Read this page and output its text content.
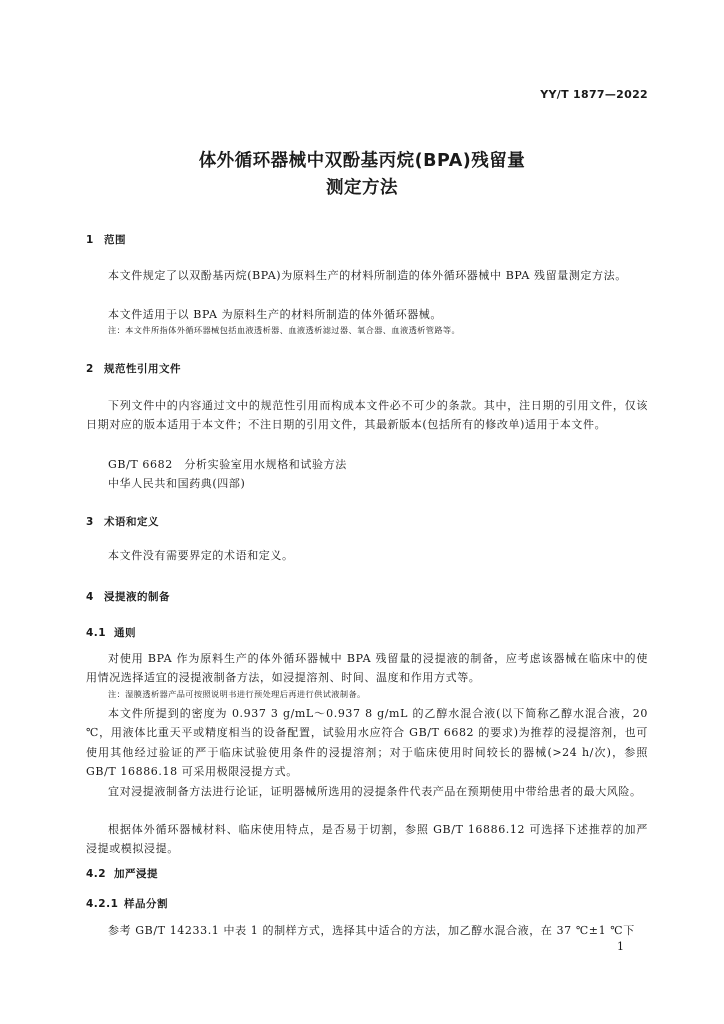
YY/T 1877—2022
体外循环器械中双酚基丙烷(BPA)残留量
测定方法
1 范围
本文件规定了以双酚基丙烷(BPA)为原料生产的材料所制造的体外循环器械中 BPA 残留量测定方法。
本文件适用于以 BPA 为原料生产的材料所制造的体外循环器械。
注：本文件所指体外循环器械包括血液透析器、血液透析滤过器、氧合器、血液透析管路等。
2 规范性引用文件
下列文件中的内容通过文中的规范性引用而构成本文件必不可少的条款。其中，注日期的引用文件，仅该日期对应的版本适用于本文件；不注日期的引用文件，其最新版本(包括所有的修改单)适用于本文件。
GB/T 6682　分析实验室用水规格和试验方法
中华人民共和国药典(四部)
3 术语和定义
本文件没有需要界定的术语和定义。
4 浸提液的制备
4.1 通则
对使用 BPA 作为原料生产的体外循环器械中 BPA 残留量的浸提液的制备，应考虑该器械在临床中的使用情况选择适宜的浸提液制备方法，如浸提溶剂、时间、温度和作用方式等。
注：湿膜透析器产品可按照说明书进行预处理后再进行供试液制备。
本文件所提到的密度为 0.937 3 g/mL～0.937 8 g/mL 的乙醇水混合液(以下简称乙醇水混合液，20 ℃，用液体比重天平或精度相当的设备配置，试验用水应符合 GB/T 6682 的要求)为推荐的浸提溶剂，也可使用其他经过验证的严于临床试验使用条件的浸提溶剂；对于临床使用时间较长的器械(>24 h/次)，参照 GB/T 16886.18 可采用极限浸提方式。
宜对浸提液制备方法进行论证，证明器械所选用的浸提条件代表产品在预期使用中带给患者的最大风险。
根据体外循环器械材料、临床使用特点，是否易于切割，参照 GB/T 16886.12 可选择下述推荐的加严浸提或模拟浸提。
4.2 加严浸提
4.2.1 样品分割
参考 GB/T 14233.1 中表 1 的制样方式，选择其中适合的方法，加乙醇水混合液，在 37 ℃±1 ℃下
1
